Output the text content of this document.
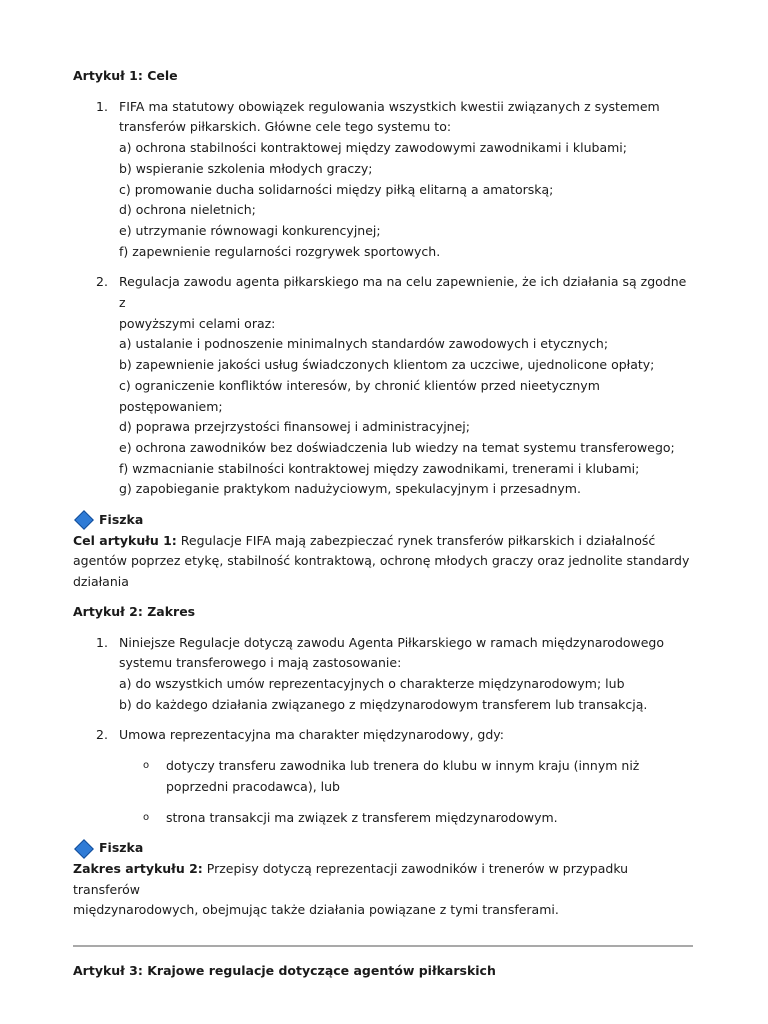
Artykuł 1: Cele
1. FIFA ma statutowy obowiązek regulowania wszystkich kwestii związanych z systemem

transferów piłkarskich. Główne cele tego systemu to:

a) ochrona stabilności kontraktowej między zawodowymi zawodnikami i klubami;

b) wspieranie szkolenia młodych graczy;

c) promowanie ducha solidarności między piłką elitarną a amatorską;

d) ochrona nieletnich;

e) utrzymanie równowagi konkurencyjnej;

f) zapewnienie regularności rozgrywek sportowych.

2. Regulacja zawodu agenta piłkarskiego ma na celu zapewnienie, że ich działania są zgodne z

powyższymi celami oraz:

a) ustalanie i podnoszenie minimalnych standardów zawodowych i etycznych;

b) zapewnienie jakości usług świadczonych klientom za uczciwe, ujednolicone opłaty;

c) ograniczenie konfliktów interesów, by chronić klientów przed nieetycznym

postępowaniem;

d) poprawa przejrzystości finansowej i administracyjnej;

e) ochrona zawodników bez doświadczenia lub wiedzy na temat systemu transferowego;

f) wzmacnianie stabilności kontraktowej między zawodnikami, trenerami i klubami;

g) zapobieganie praktykom nadużyciowym, spekulacyjnym i przesadnym.

Fiszka

Cel artykułu 1: Regulacje FIFA mają zabezpieczać rynek transferów piłkarskich i działalność

agentów poprzez etykę, stabilność kontraktową, ochronę młodych graczy oraz jednolite standardy

działania

Artykuł 2: Zakres
1. Niniejsze Regulacje dotyczą zawodu Agenta Piłkarskiego w ramach międzynarodowego

systemu transferowego i mają zastosowanie:

a) do wszystkich umów reprezentacyjnych o charakterze międzynarodowym; lub

b) do każdego działania związanego z międzynarodowym transferem lub transakcją.

2. Umowa reprezentacyjna ma charakter międzynarodowy, gdy:

o dotyczy transferu zawodnika lub trenera do klubu w innym kraju (innym niż

poprzedni pracodawca), lub

o strona transakcji ma związek z transferem międzynarodowym.

Fiszka

Zakres artykułu 2: Przepisy dotyczą reprezentacji zawodników i trenerów w przypadku transferów

międzynarodowych, obejmując także działania powiązane z tymi transferami.

Artykuł 3: Krajowe regulacje dotyczące agentów piłkarskich
